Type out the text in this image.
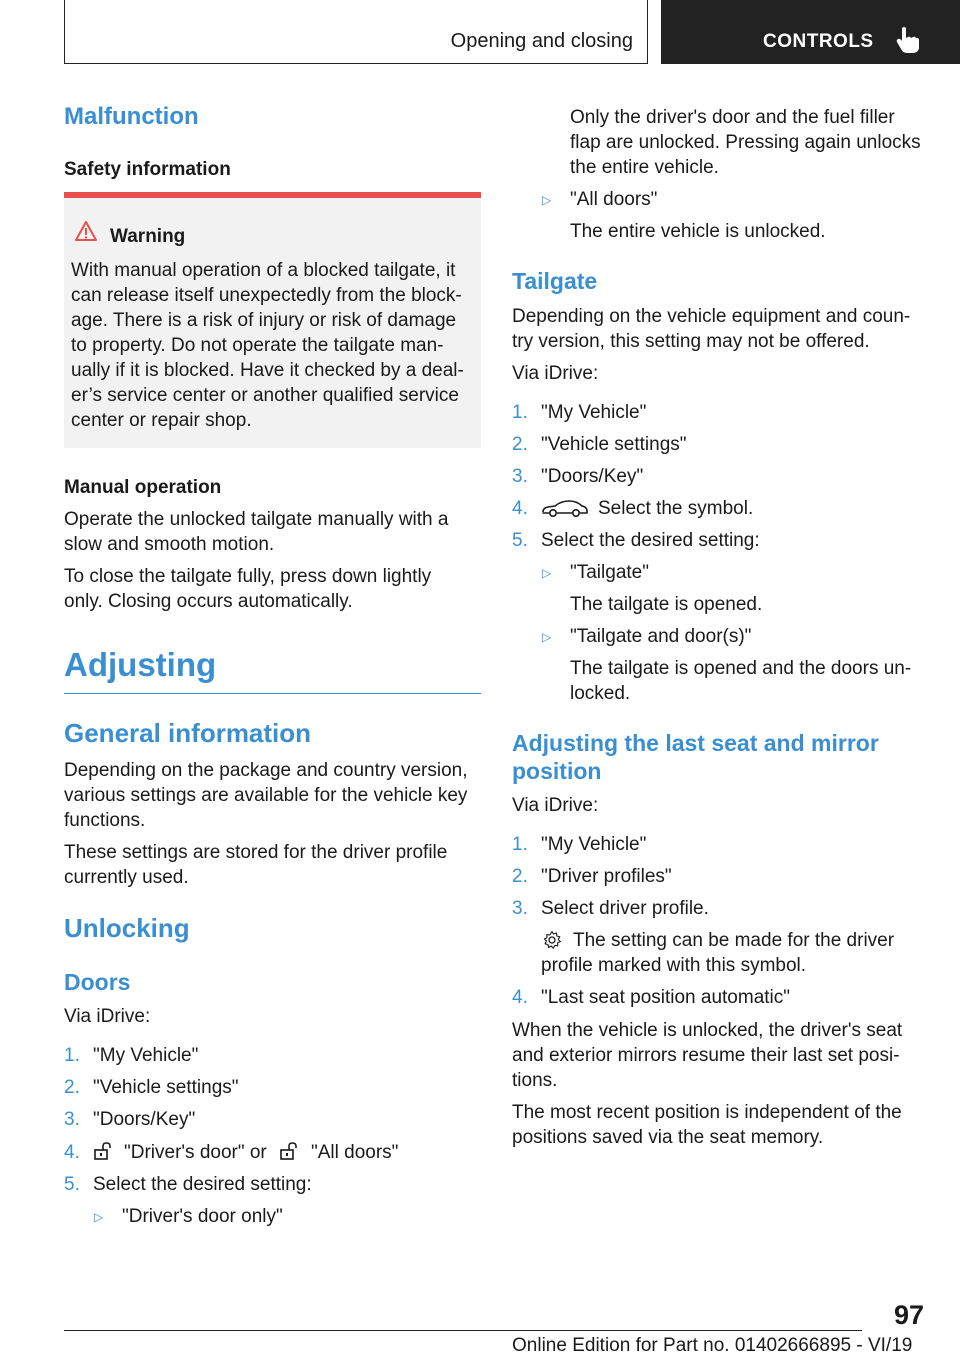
Opening and closing	CONTROLS
Malfunction
Safety information
Warning
With manual operation of a blocked tailgate, it
can release itself unexpectedly from the block‐
age. There is a risk of injury or risk of damage
to property. Do not operate the tailgate man‐
ually if it is blocked. Have it checked by a deal‐
er’s service center or another qualified service
center or repair shop.
Manual operation
Operate the unlocked tailgate manually with a
slow and smooth motion.
To close the tailgate fully, press down lightly
only. Closing occurs automatically.
Adjusting
General information
Depending on the package and country version,
various settings are available for the vehicle key
functions.
These settings are stored for the driver profile
currently used.
Unlocking
Doors
Via iDrive:
1. "My Vehicle"
2. "Vehicle settings"
3. "Doors/Key"
4. "Driver's door" or "All doors"
5. Select the desired setting:
▷ "Driver's door only"
Only the driver's door and the fuel filler
flap are unlocked. Pressing again unlocks
the entire vehicle.
▷ "All doors"
The entire vehicle is unlocked.
Tailgate
Depending on the vehicle equipment and coun‐
try version, this setting may not be offered.
Via iDrive:
1. "My Vehicle"
2. "Vehicle settings"
3. "Doors/Key"
4.	Select the symbol.
5. Select the desired setting:
▷ "Tailgate"
The tailgate is opened.
▷ "Tailgate and door(s)"
The tailgate is opened and the doors un‐
locked.
Adjusting the last seat and mirror
position
Via iDrive:
1. "My Vehicle"
2. "Driver profiles"
3. Select driver profile.
The setting can be made for the driver
profile marked with this symbol.
4. "Last seat position automatic"
When the vehicle is unlocked, the driver's seat
and exterior mirrors resume their last set posi‐
tions.
The most recent position is independent of the
positions saved via the seat memory.
97
Online Edition for Part no. 01402666895 - VI/19
